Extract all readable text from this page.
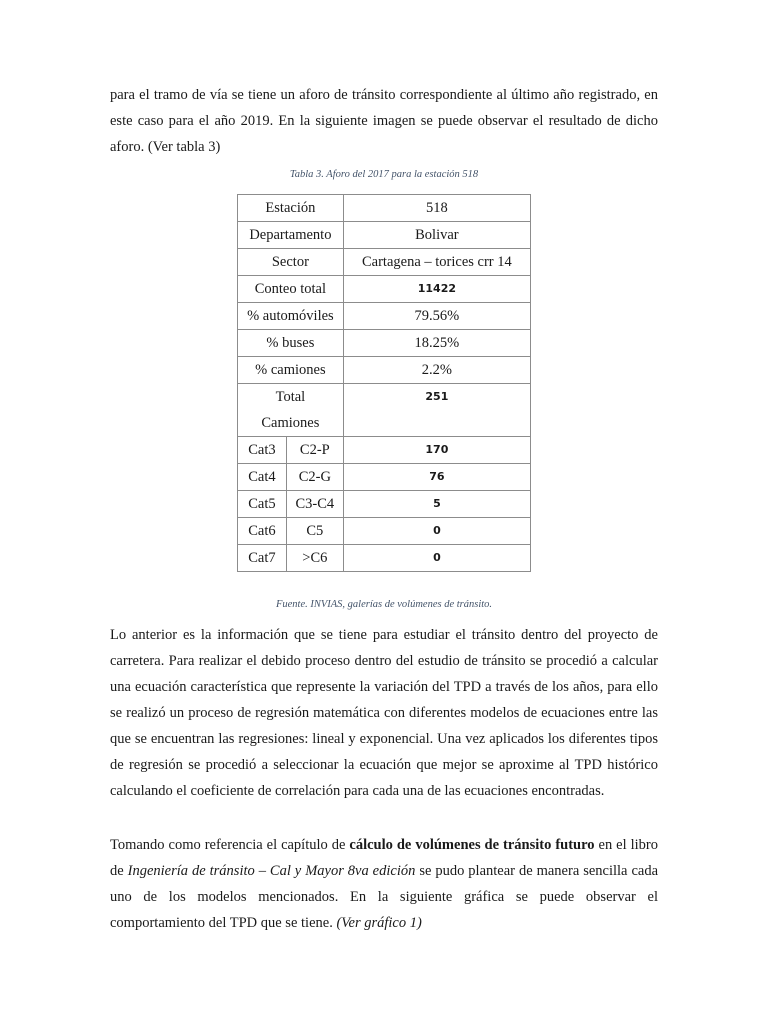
para el tramo de vía se tiene un aforo de tránsito correspondiente al último año registrado, en este caso para el año 2019. En la siguiente imagen se puede observar el resultado de dicho aforo. (Ver tabla 3)

Tabla 3. Aforo del 2017 para la estación 518
Estación		518
Departamento		Bolivar
Sector		Cartagena – torices crr 14
Conteo total		11422
% automóviles		79.56%
% buses		18.25%
% camiones		2.2%
Total Camiones		251
Cat3	C2-P	170
Cat4	C2-G	76
Cat5	C3-C4	5
Cat6	C5	0
Cat7	>C6	0
Fuente. INVIAS, galerías de volúmenes de tránsito.

Lo anterior es la información que se tiene para estudiar el tránsito dentro del proyecto de carretera. Para realizar el debido proceso dentro del estudio de tránsito se procedió a calcular una ecuación característica que represente la variación del TPD a través de los años, para ello se realizó un proceso de regresión matemática con diferentes modelos de ecuaciones entre las que se encuentran las regresiones: lineal y exponencial. Una vez aplicados los diferentes tipos de regresión se procedió a seleccionar la ecuación que mejor se aproxime al TPD histórico calculando el coeficiente de correlación para cada una de las ecuaciones encontradas.

Tomando como referencia el capítulo de cálculo de volúmenes de tránsito futuro en el libro de Ingeniería de tránsito – Cal y Mayor 8va edición se pudo plantear de manera sencilla cada uno de los modelos mencionados. En la siguiente gráfica se puede observar el comportamiento del TPD que se tiene. (Ver gráfico 1)
